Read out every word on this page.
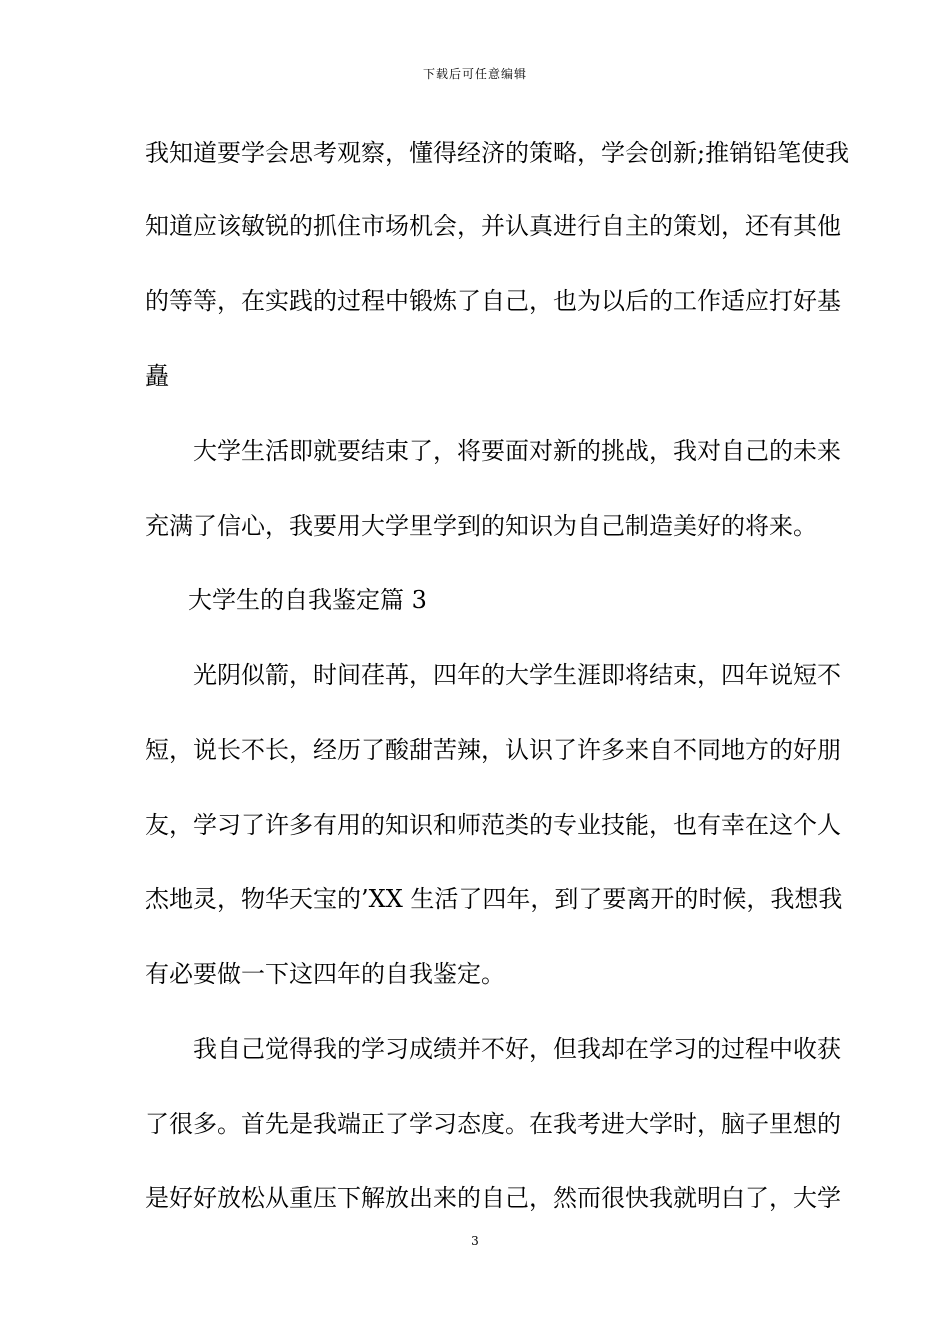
下载后可任意编辑
我知道要学会思考观察，懂得经济的策略，学会创新;推销铅笔使我
知道应该敏锐的抓住市场机会，并认真进行自主的策划，还有其他
的等等，在实践的过程中锻炼了自己，也为以后的工作适应打好基
矗
大学生活即就要结束了，将要面对新的挑战，我对自己的未来
充满了信心，我要用大学里学到的知识为自己制造美好的将来。
大学生的自我鉴定篇 3
光阴似箭，时间荏苒，四年的大学生涯即将结束，四年说短不
短，说长不长，经历了酸甜苦辣，认识了许多来自不同地方的好朋
友，学习了许多有用的知识和师范类的专业技能，也有幸在这个人
杰地灵，物华天宝的’XX 生活了四年，到了要离开的时候，我想我
有必要做一下这四年的自我鉴定。
我自己觉得我的学习成绩并不好，但我却在学习的过程中收获
了很多。首先是我端正了学习态度。在我考进大学时，脑子里想的
是好好放松从重压下解放出来的自己，然而很快我就明白了，大学
3
